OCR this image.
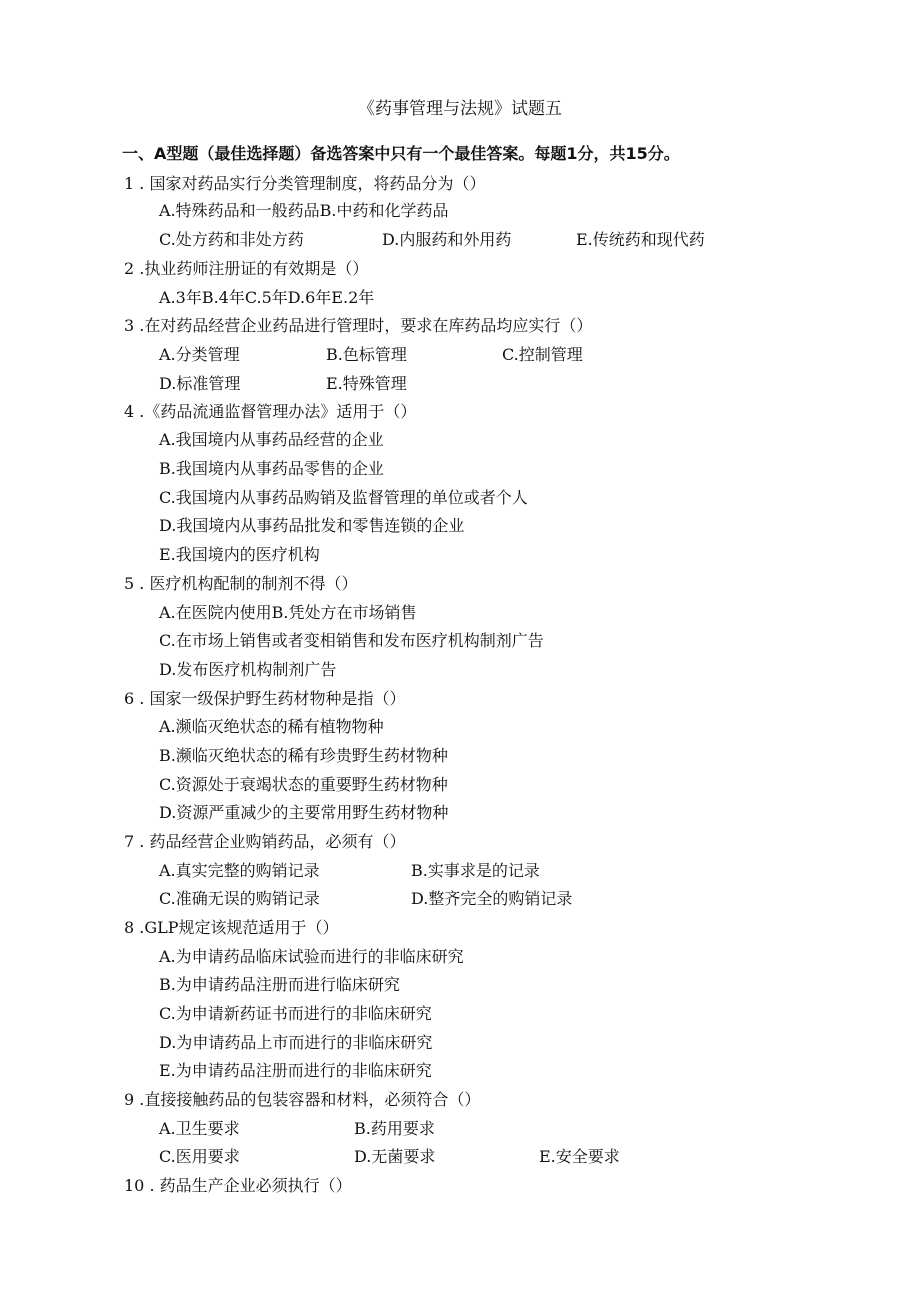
《药事管理与法规》试题五
一、A型题（最佳选择题）备选答案中只有一个最佳答案。每题1分，共15分。
1 . 国家对药品实行分类管理制度，将药品分为（）
A.特殊药品和一般药品B.中药和化学药品
C.处方药和非处方药	D.内服药和外用药	E.传统药和现代药
2 .执业药师注册证的有效期是（）
A.3年B.4年C.5年D.6年E.2年
3 .在对药品经营企业药品进行管理时，要求在库药品均应实行（）
A.分类管理	B.色标管理	C.控制管理
D.标准管理	E.特殊管理
4 .《药品流通监督管理办法》适用于（）
A.我国境内从事药品经营的企业
B.我国境内从事药品零售的企业
C.我国境内从事药品购销及监督管理的单位或者个人
D.我国境内从事药品批发和零售连锁的企业
E.我国境内的医疗机构
5 . 医疗机构配制的制剂不得（）
A.在医院内使用B.凭处方在市场销售
C.在市场上销售或者变相销售和发布医疗机构制剂广告
D.发布医疗机构制剂广告
6 . 国家一级保护野生药材物种是指（）
A.濒临灭绝状态的稀有植物物种
B.濒临灭绝状态的稀有珍贵野生药材物种
C.资源处于衰竭状态的重要野生药材物种
D.资源严重减少的主要常用野生药材物种
7 . 药品经营企业购销药品，必须有（）
A.真实完整的购销记录	B.实事求是的记录
C.准确无误的购销记录	D.整齐完全的购销记录
8 .GLP规定该规范适用于（）
A.为申请药品临床试验而进行的非临床研究
B.为申请药品注册而进行临床研究
C.为申请新药证书而进行的非临床研究
D.为申请药品上市而进行的非临床研究
E.为申请药品注册而进行的非临床研究
9 .直接接触药品的包装容器和材料，必须符合（）
A.卫生要求	B.药用要求
C.医用要求	D.无菌要求	E.安全要求
10 . 药品生产企业必须执行（）
